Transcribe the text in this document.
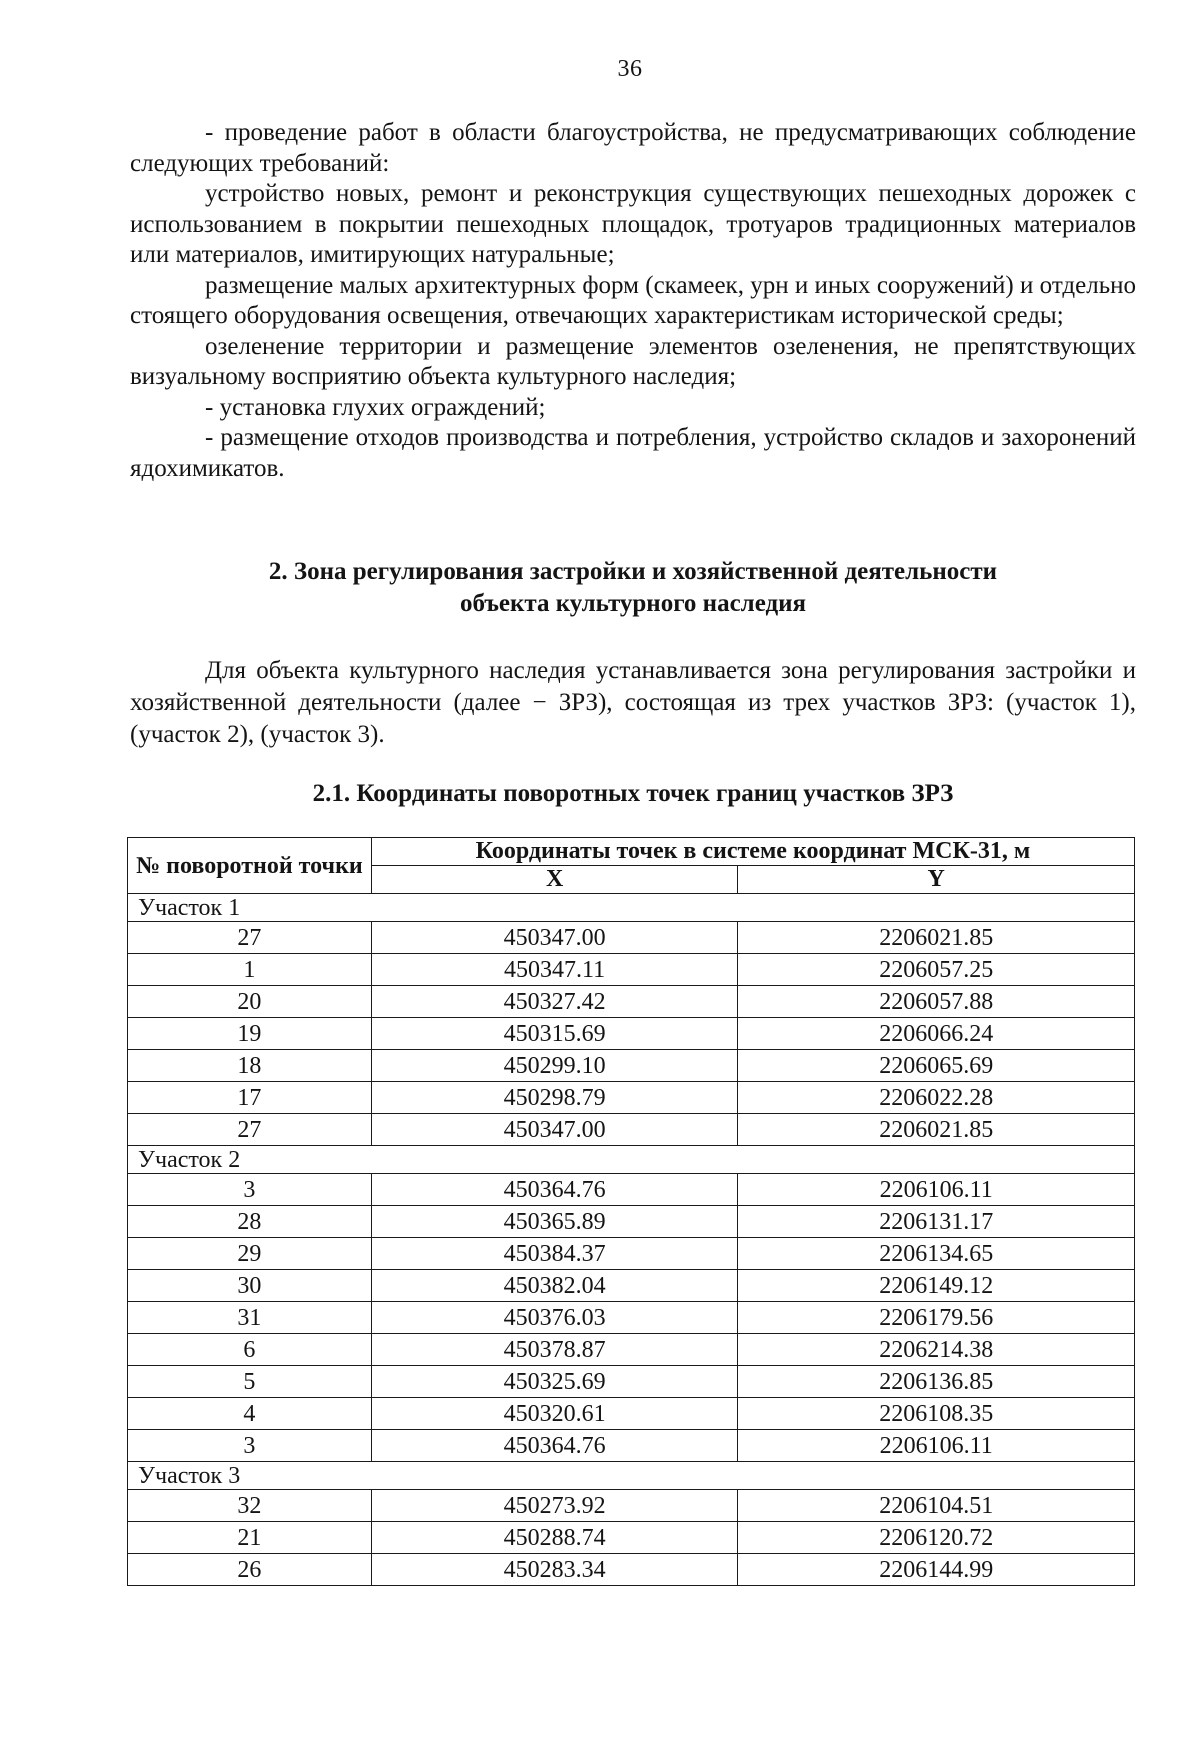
36

- проведение работ в области благоустройства, не предусматривающих соблюдение следующих требований:

устройство новых, ремонт и реконструкция существующих пешеходных дорожек с использованием в покрытии пешеходных площадок, тротуаров традиционных материалов или материалов, имитирующих натуральные;

размещение малых архитектурных форм (скамеек, урн и иных сооружений) и отдельно стоящего оборудования освещения, отвечающих характеристикам исторической среды;

озеленение территории и размещение элементов озеленения, не препятствующих визуальному восприятию объекта культурного наследия;

- установка глухих ограждений;

- размещение отходов производства и потребления, устройство складов и захоронений ядохимикатов.

2. Зона регулирования застройки и хозяйственной деятельности
объекта культурного наследия

Для объекта культурного наследия устанавливается зона регулирования застройки и хозяйственной деятельности (далее − ЗРЗ), состоящая из трех участков ЗРЗ: (участок 1), (участок 2), (участок 3).

2.1. Координаты поворотных точек границ участков ЗРЗ
№ поворотной точки	Координаты точек в системе координат МСК-31, м	
	X	Y
Участок 1		
27	450347.00	2206021.85
1	450347.11	2206057.25
20	450327.42	2206057.88
19	450315.69	2206066.24
18	450299.10	2206065.69
17	450298.79	2206022.28
27	450347.00	2206021.85
Участок 2		
3	450364.76	2206106.11
28	450365.89	2206131.17
29	450384.37	2206134.65
30	450382.04	2206149.12
31	450376.03	2206179.56
6	450378.87	2206214.38
5	450325.69	2206136.85
4	450320.61	2206108.35
3	450364.76	2206106.11
Участок 3		
32	450273.92	2206104.51
21	450288.74	2206120.72
26	450283.34	2206144.99
